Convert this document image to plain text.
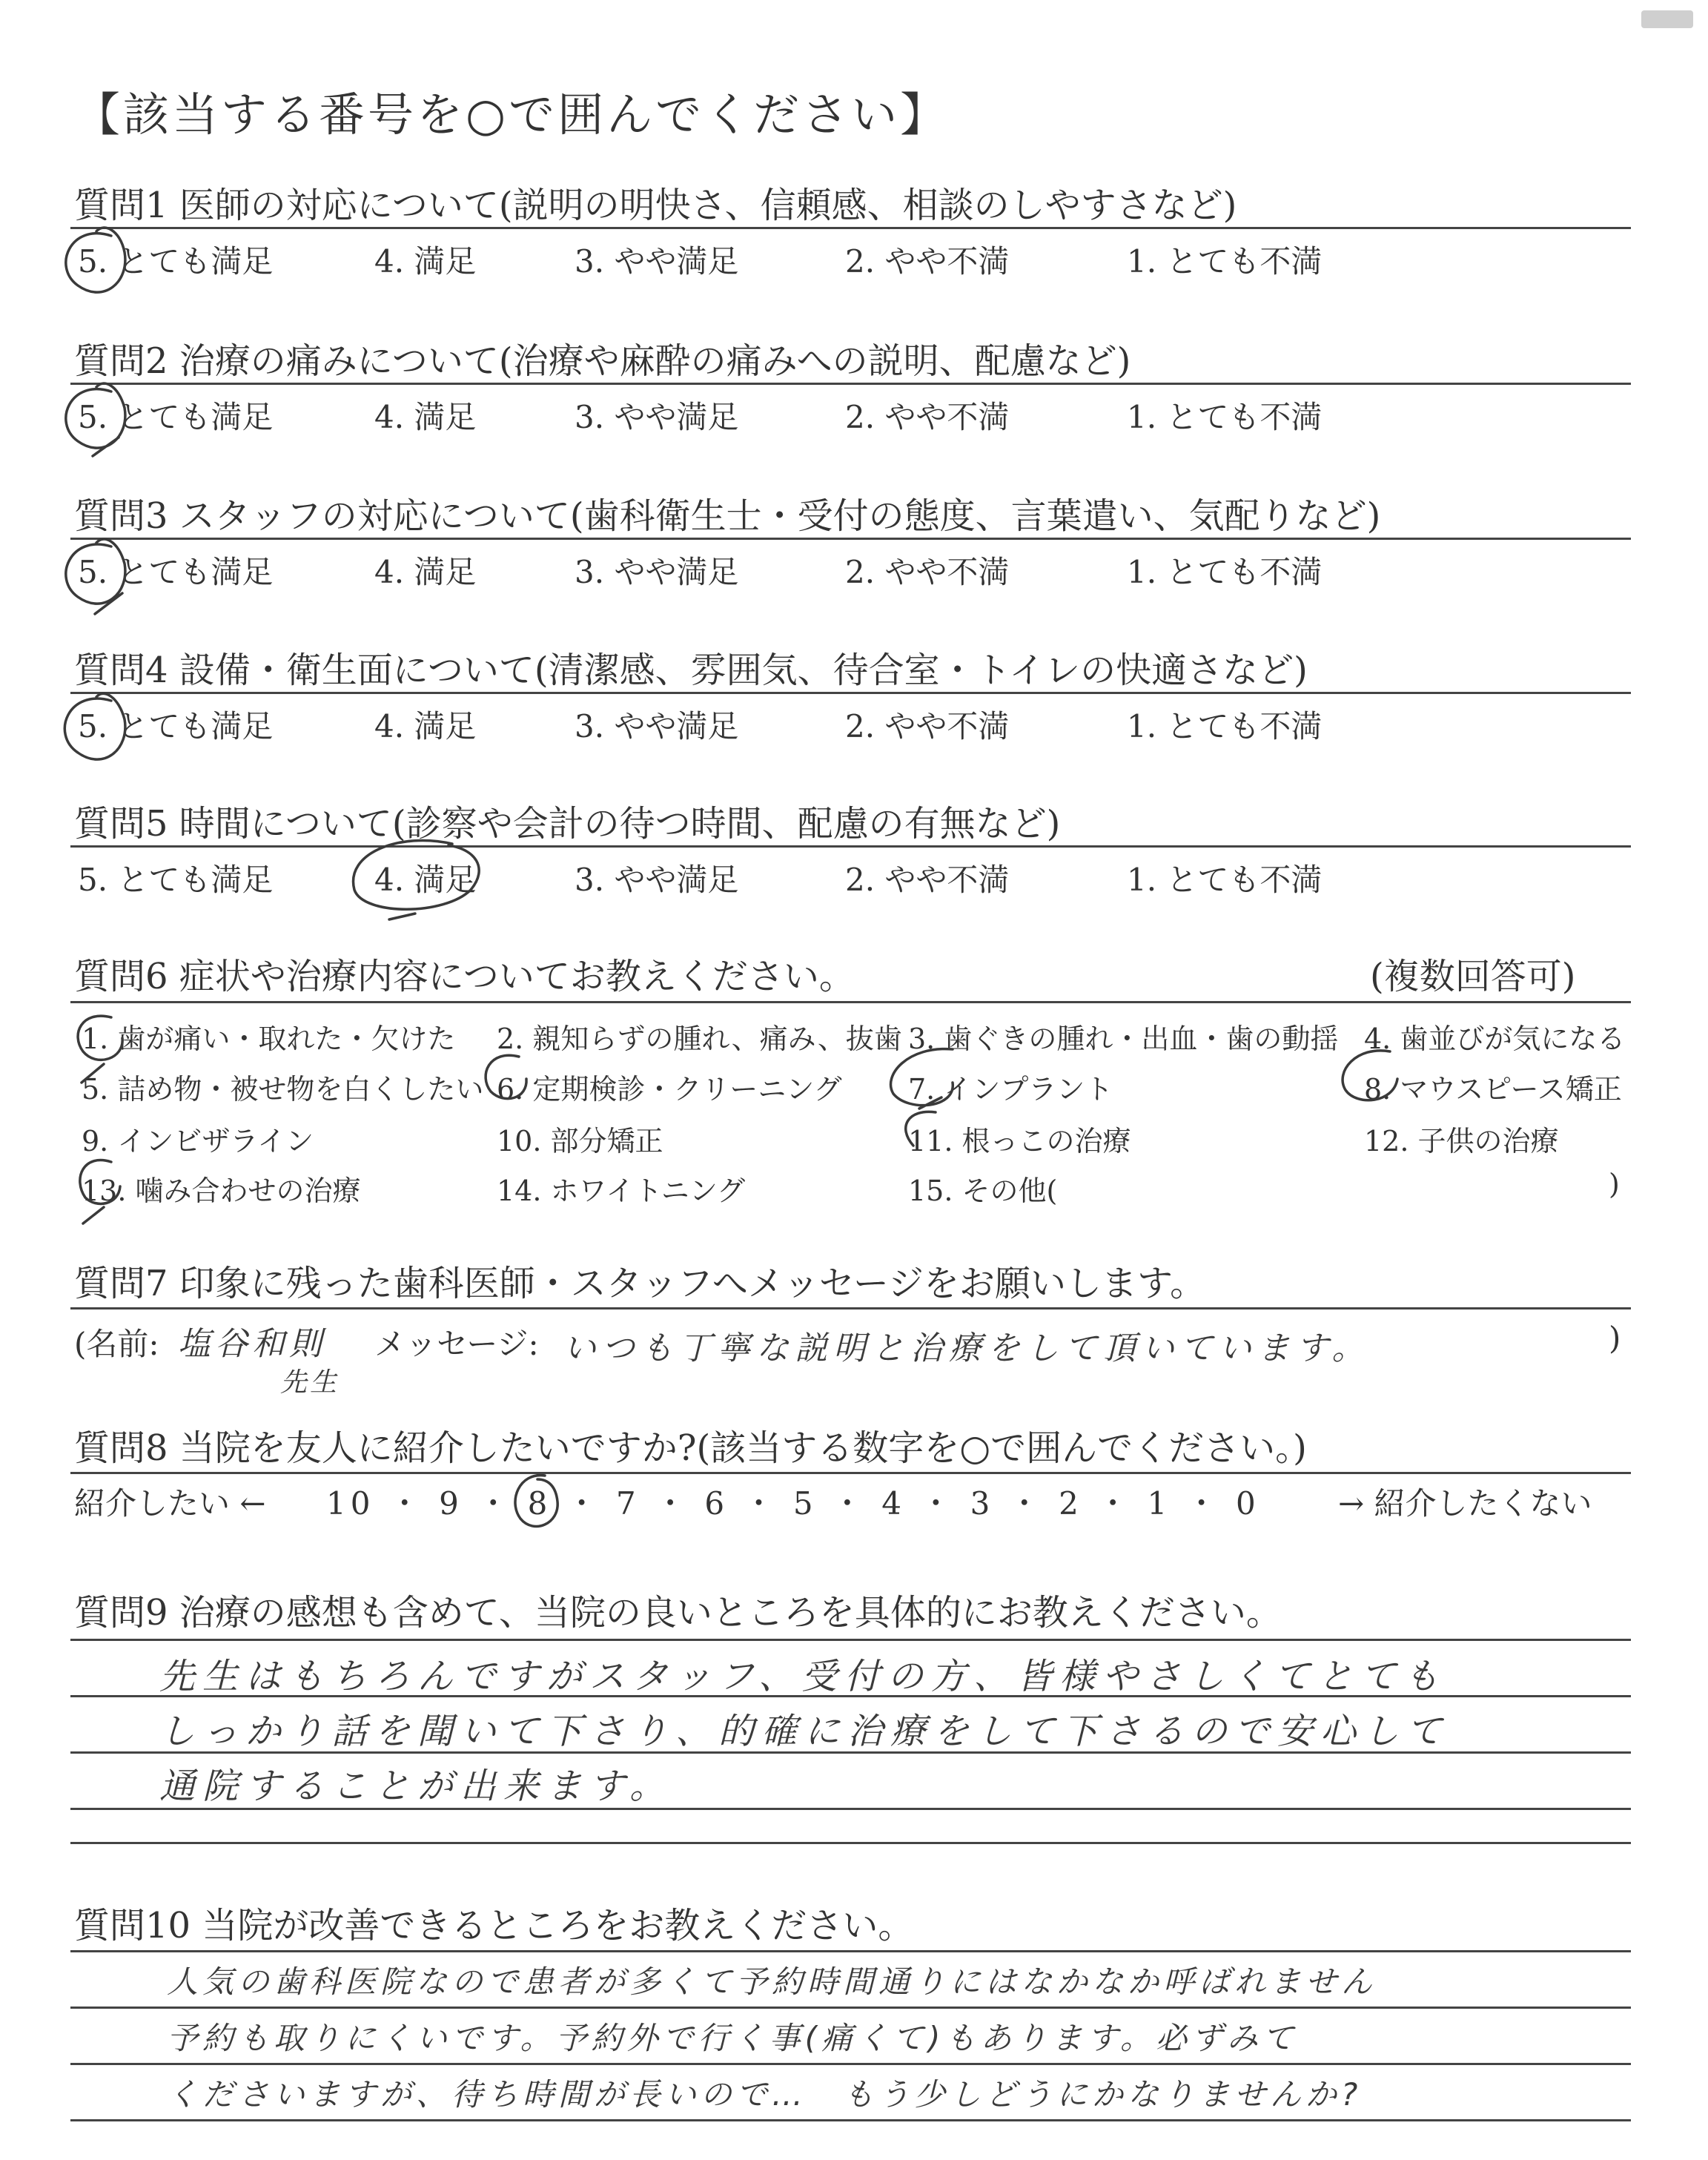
【該当する番号を○で囲んでください】
質問1 医師の対応について(説明の明快さ、信頼感、相談のしやすさなど)
5. とても満足	4. 満足	3. やや満足	2. やや不満	1. とても不満
質問2 治療の痛みについて(治療や麻酔の痛みへの説明、配慮など)
5. とても満足	4. 満足	3. やや満足	2. やや不満	1. とても不満
質問3 スタッフの対応について(歯科衛生士・受付の態度、言葉遣い、気配りなど)
5. とても満足	4. 満足	3. やや満足	2. やや不満	1. とても不満
質問4 設備・衛生面について(清潔感、雰囲気、待合室・トイレの快適さなど)
5. とても満足	4. 満足	3. やや満足	2. やや不満	1. とても不満
質問5 時間について(診察や会計の待つ時間、配慮の有無など)
5. とても満足	4. 満足	3. やや満足	2. やや不満	1. とても不満
質問6 症状や治療内容についてお教えください。	(複数回答可)
1. 歯が痛い・取れた・欠けた 2. 親知らずの腫れ、痛み、抜歯 3. 歯ぐきの腫れ・出血・歯の動揺 4. 歯並びが気になる
5. 詰め物・被せ物を白くしたい 6. 定期検診・クリーニング 7. インプラント	8. マウスピース矯正
9. インビザライン	10. 部分矯正	11. 根っこの治療	12. 子供の治療
13. 噛み合わせの治療	14. ホワイトニング	15. その他(	)
質問7 印象に残った歯科医師・スタッフへメッセージをお願いします。
(名前: 塩谷和則
先生
メッセージ: いつも丁寧な説明と治療をして頂いています。	)
質問8 当院を友人に紹介したいですか?(該当する数字を○で囲んでください。)
紹介したい ← 10 ・ 9 ・ 8 ・ 7 ・ 6 ・ 5 ・ 4 ・ 3 ・ 2 ・ 1 ・ 0	→ 紹介したくない
質問9 治療の感想も含めて、当院の良いところを具体的にお教えください。
先生はもちろんですがスタッフ、受付の方、皆様やさしくてとても
しっかり話を聞いて下さり、的確に治療をして下さるので安心して
通院することが出来ます。
質問10 当院が改善できるところをお教えください。
人気の歯科医院なので患者が多くて予約時間通りにはなかなか呼ばれません
予約も取りにくいです。予約外で行く事(痛くて)もあります。必ずみて
くださいますが、待ち時間が長いので…　もう少しどうにかなりませんか?
